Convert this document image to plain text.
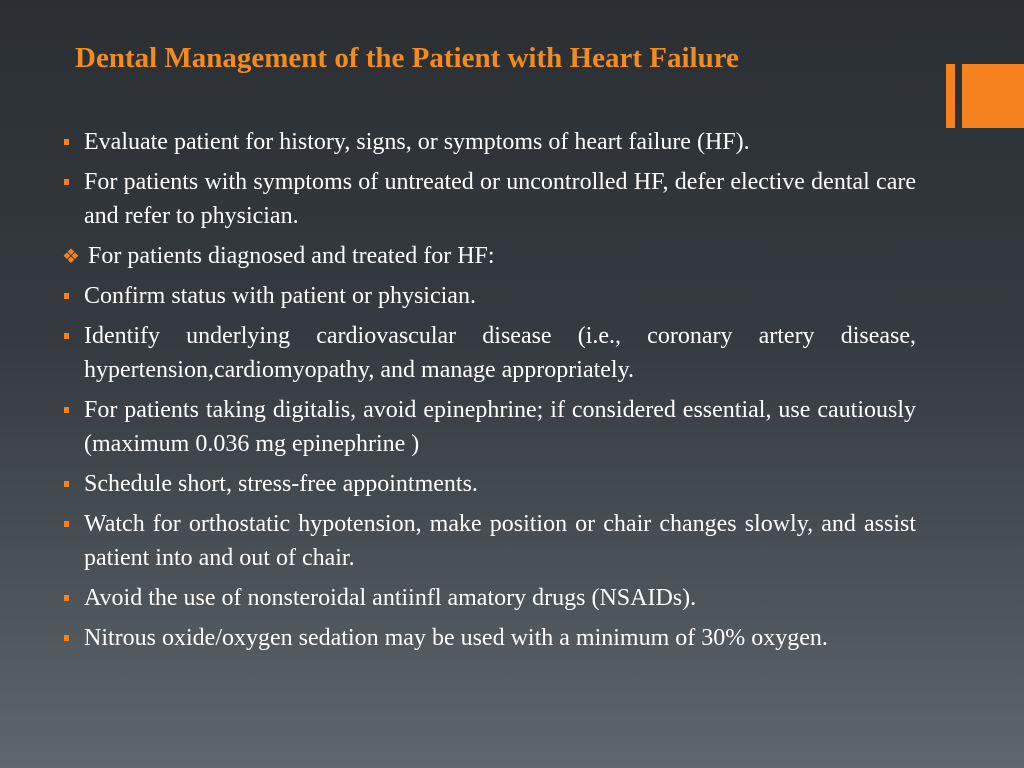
Dental Management of the Patient with Heart Failure
Evaluate patient for history, signs, or symptoms of heart failure (HF).
For patients with symptoms of untreated or uncontrolled HF, defer elective dental care and refer to physician.
❖ For patients diagnosed and treated for HF:
Confirm status with patient or physician.
Identify underlying cardiovascular disease (i.e., coronary artery disease, hypertension,cardiomyopathy, and manage appropriately.
For patients taking digitalis, avoid epinephrine; if considered essential, use cautiously (maximum 0.036 mg epinephrine )
Schedule short, stress-free appointments.
Watch for orthostatic hypotension, make position or chair changes slowly, and assist patient into and out of chair.
Avoid the use of nonsteroidal antiinfl amatory drugs (NSAIDs).
Nitrous oxide/oxygen sedation may be used with a minimum of 30% oxygen.
